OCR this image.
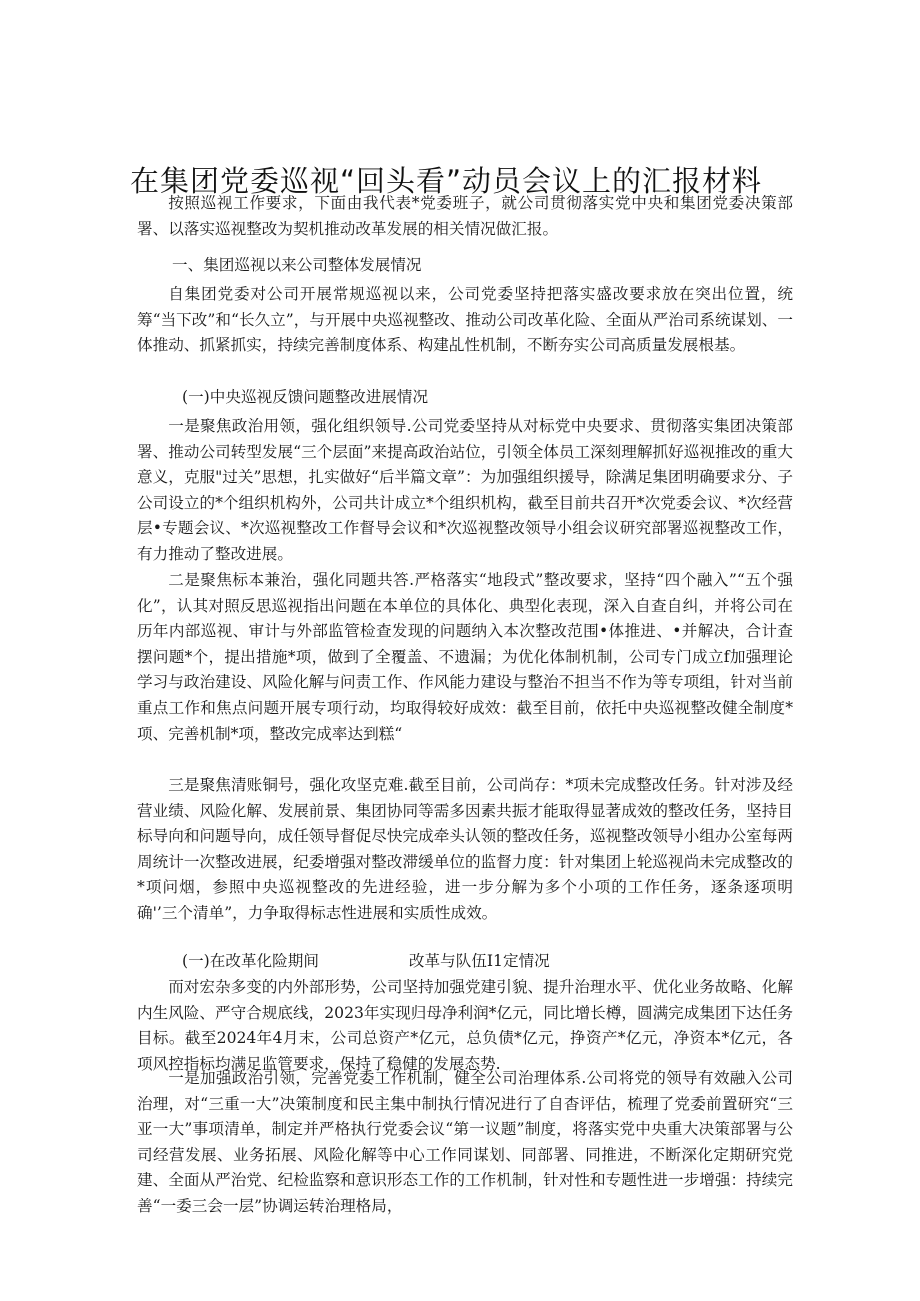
在集团党委巡视“回头看”动员会议上的汇报材料

按照巡视工作要求，下面由我代表*党委班子，就公司贯彻落实党中央和集团党委决策部署、以落实巡视整改为契机推动改革发展的相关情况做汇报。

一、集团巡视以来公司整体发展情况

自集团党委对公司开展常规巡视以来，公司党委坚持把落实盛改要求放在突出位置，统筹“当下改”和“长久立”，与开展中央巡视整改、推动公司改革化险、全面从严治司系统谋划、一体推动、抓紧抓实，持续完善制度体系、构建乩性机制，不断夯实公司高质量发展根基。

(一)中央巡视反馈问题整改进展情况

一是聚焦政治用领，强化组织领导.公司党委坚持从对标党中央要求、贯彻落实集团决策部署、推动公司转型发展“三个层面”来提高政治站位，引领全体员工深刻理解抓好巡视推改的重大意义，克服"过关”思想，扎实做好“后半篇文章”：为加强组织援导，除满足集团明确要求分、子公司设立的*个组织机构外，公司共计成立*个组织机构，截至目前共召开*次党委会议、*次经营层•专题会议、*次巡视整改工作督导会议和*次巡视整改领导小组会议研究部署巡视整改工作，有力推动了整改进展。

二是聚焦标本兼治，强化同题共答.严格落实“地段式”整改要求，坚持“四个融入”“五个强化”，认其对照反思巡视指出问题在本单位的具体化、典型化表现，深入自查自纠，并将公司在历年内部巡视、审计与外部监管检查发现的问题纳入本次整改范围•体推进、•并解决，合计查摆问题*个，提出措施*项，做到了全覆盖、不遗漏；为优化体制机制，公司专门成立f加强理论学习与政治建设、风险化解与问责工作、作风能力建设与整治不担当不作为等专项组，针对当前重点工作和焦点问题开展专项行动，均取得较好成效：截至目前，依托中央巡视整改健全制度*项、完善机制*项，整改完成率达到糕“

三是聚焦清账铜号，强化攻坚克难.截至目前，公司尚存：*项未完成整改任务。针对涉及经营业绩、风险化解、发展前景、集团协同等需多因素共振才能取得显著成效的整改任务，坚持目标导向和问题导向，成任领导督促尽快完成牵头认领的整改任务，巡视整改领导小组办公室每两周统计一次整改进展，纪委增强对整改滞缓单位的监督力度：针对集团上轮巡视尚未完成整改的*项问烟，参照中央巡视整改的先进经验，进一步分解为多个小项的工作任务，逐条逐项明确'’三个清单”，力争取得标志性进展和实质性成效。

(一)在改革化险期间	改革与队伍I1定情况

而对宏杂多变的内外部形势，公司坚持加强党建引貌、提升治理水平、优化业务故略、化解内生风险、严守合规底线，2023年实现归母净利润*亿元，同比增长樽，圆满完成集团下达任务目标。截至2024年4月末，公司总资产*亿元，总负债*亿元，挣资产*亿元，净资本*亿元，各项风控指标均满足监管要求，保持了稳健的发展态势.

一是加强政治引领，完善党委工作机制，健全公司治理体系.公司将党的领导有效融入公司治理，对“三重一大”决策制度和民主集中制执行情况进行了自杳评估，梳理了党委前置研究“三亚一大”事项清单，制定并严格执行党委会议“第一议题”制度，将落实党中央重大决策部署与公司经营发展、业务拓展、风险化解等中心工作同谋划、同部署、同推进，不断深化定期研究党建、全面从严治党、纪检监察和意识形态工作的工作机制，针对性和专题性进一步增强：持续完善“一委三会一层”协调运转治理格局，
